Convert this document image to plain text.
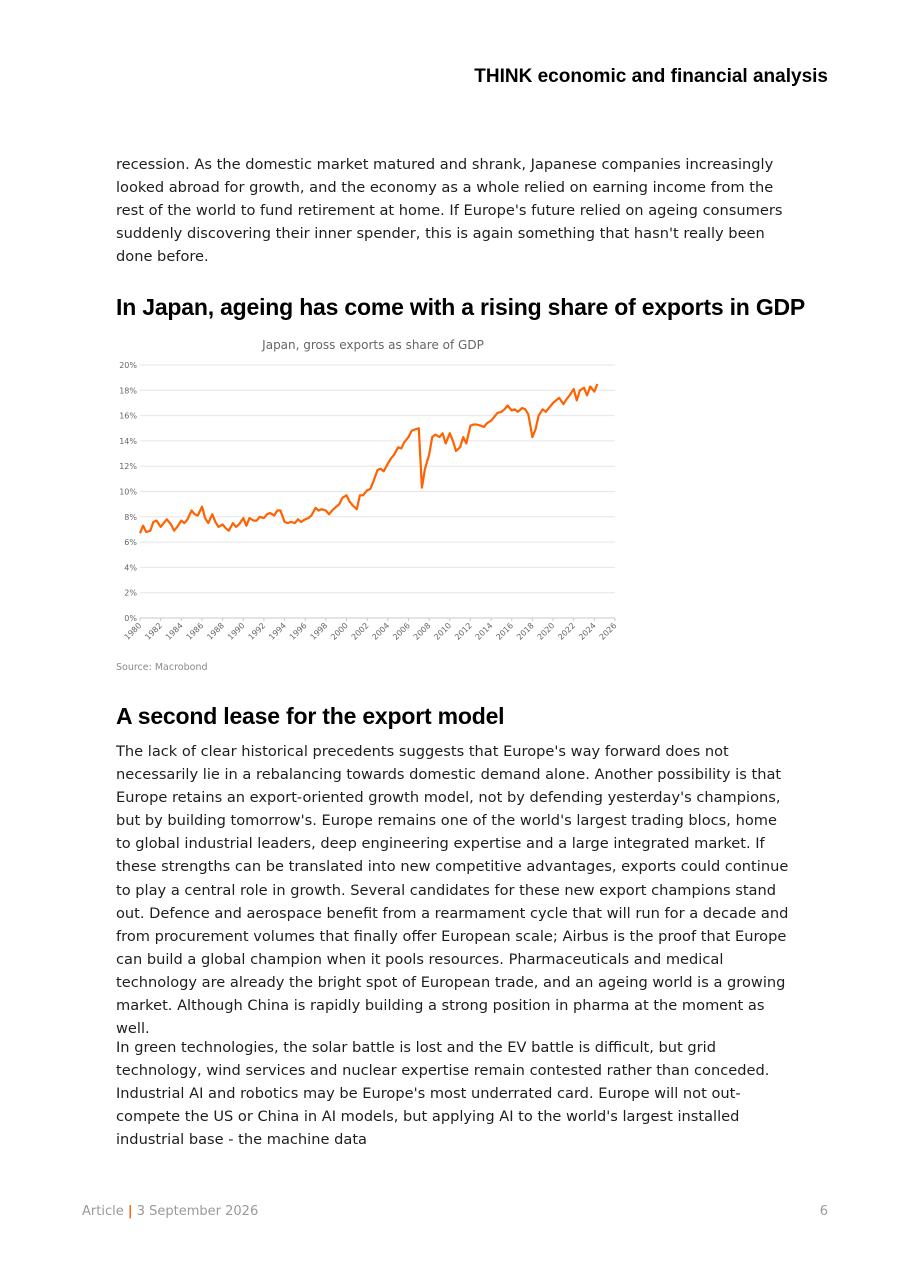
THINK economic and financial analysis

recession. As the domestic market matured and shrank, Japanese companies increasingly looked abroad for growth, and the economy as a whole relied on earning income from the rest of the world to fund retirement at home. If Europe's future relied on ageing consumers suddenly discovering their inner spender, this is again something that hasn't really been done before.

In Japan, ageing has come with a rising share of exports in GDP
Japan, gross exports as share of GDP
0%
2%
4%
6%
8%
10%
12%
14%
16%
18%
20%
1980 1982 1984 1986 1988 1990 1992 1994 1996 1998 2000 2002 2004 2006 2008 2010 2012 2014 2016 2018 2020 2022 2024 2026
Source: Macrobond
A second lease for the export model

The lack of clear historical precedents suggests that Europe's way forward does not necessarily lie in a rebalancing towards domestic demand alone. Another possibility is that Europe retains an export-oriented growth model, not by defending yesterday's champions, but by building tomorrow's. Europe remains one of the world's largest trading blocs, home to global industrial leaders, deep engineering expertise and a large integrated market. If these strengths can be translated into new competitive advantages, exports could continue to play a central role in growth. Several candidates for these new export champions stand out. Defence and aerospace benefit from a rearmament cycle that will run for a decade and from procurement volumes that finally offer European scale; Airbus is the proof that Europe can build a global champion when it pools resources. Pharmaceuticals and medical technology are already the bright spot of European trade, and an ageing world is a growing market. Although China is rapidly building a strong position in pharma at the moment as well.

In green technologies, the solar battle is lost and the EV battle is difficult, but grid technology, wind services and nuclear expertise remain contested rather than conceded. Industrial AI and robotics may be Europe's most underrated card. Europe will not out-compete the US or China in AI models, but applying AI to the world's largest installed industrial base - the machine data

Article | 3 September 2026	6
